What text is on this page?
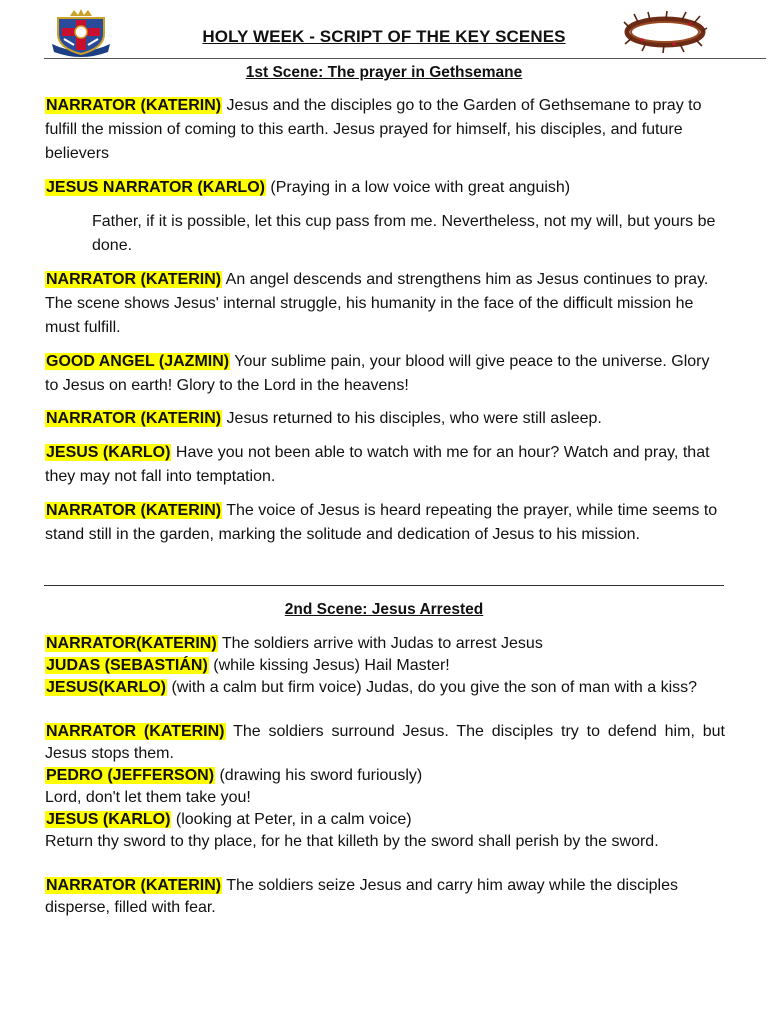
HOLY WEEK - SCRIPT OF THE KEY SCENES
1st Scene: The prayer in Gethsemane
NARRATOR (KATERIN) Jesus and the disciples go to the Garden of Gethsemane to pray to fulfill the mission of coming to this earth. Jesus prayed for himself, his disciples, and future believers
JESUS NARRATOR (KARLO) (Praying in a low voice with great anguish)
Father, if it is possible, let this cup pass from me. Nevertheless, not my will, but yours be done.
NARRATOR (KATERIN) An angel descends and strengthens him as Jesus continues to pray. The scene shows Jesus' internal struggle, his humanity in the face of the difficult mission he must fulfill.
GOOD ANGEL (JAZMIN) Your sublime pain, your blood will give peace to the universe. Glory to Jesus on earth! Glory to the Lord in the heavens!
NARRATOR (KATERIN) Jesus returned to his disciples, who were still asleep.
JESUS (KARLO) Have you not been able to watch with me for an hour? Watch and pray, that they may not fall into temptation.
NARRATOR (KATERIN) The voice of Jesus is heard repeating the prayer, while time seems to stand still in the garden, marking the solitude and dedication of Jesus to his mission.
2nd Scene: Jesus Arrested
NARRATOR(KATERIN) The soldiers arrive with Judas to arrest Jesus
JUDAS (SEBASTIÁN) (while kissing Jesus) Hail Master!
JESUS(KARLO) (with a calm but firm voice) Judas, do you give the son of man with a kiss?
NARRATOR (KATERIN) The soldiers surround Jesus. The disciples try to defend him, but Jesus stops them.
PEDRO (JEFFERSON) (drawing his sword furiously)
Lord, don't let them take you!
JESUS (KARLO) (looking at Peter, in a calm voice)
Return thy sword to thy place, for he that killeth by the sword shall perish by the sword.
NARRATOR (KATERIN) The soldiers seize Jesus and carry him away while the disciples disperse, filled with fear.
